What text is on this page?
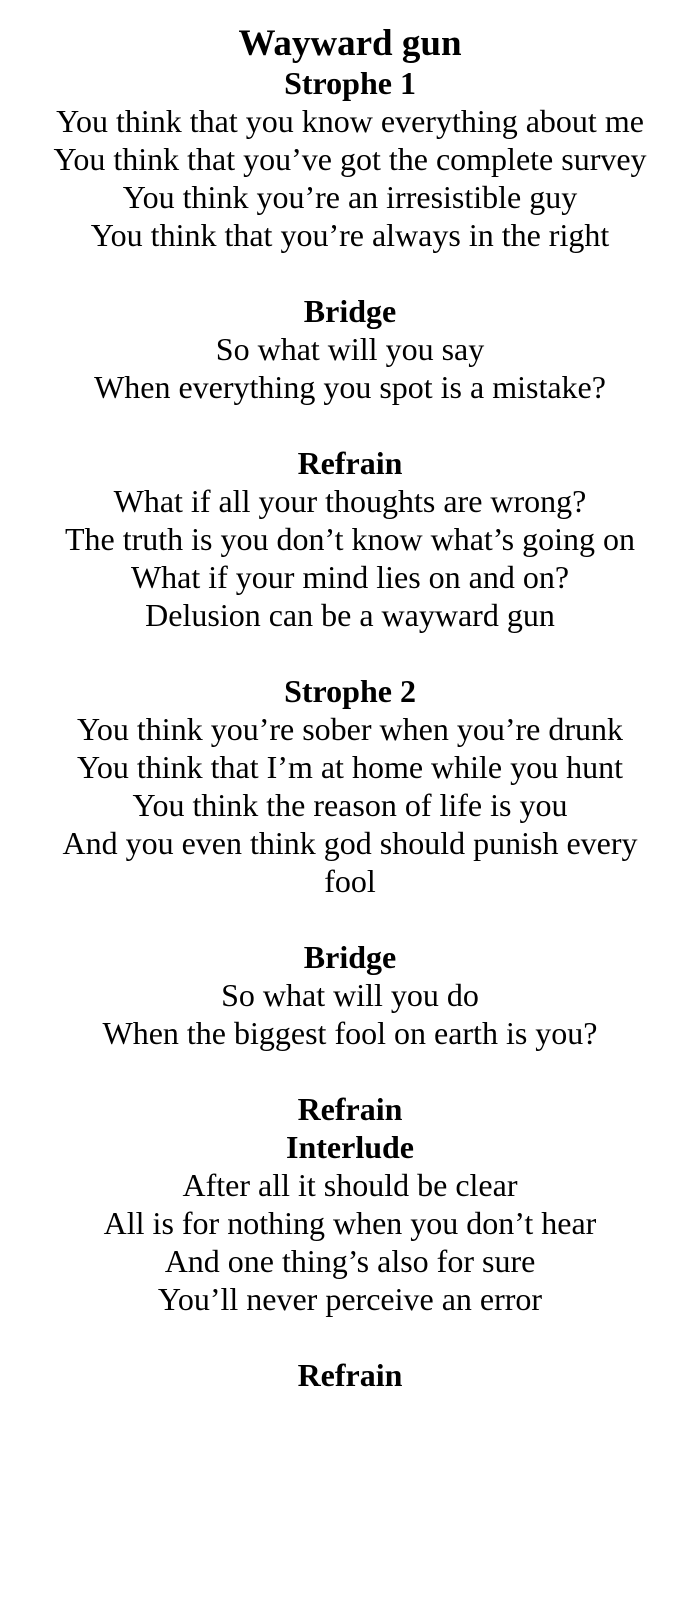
Wayward gun
Strophe 1
You think that you know everything about me
You think that you’ve got the complete survey
You think you’re an irresistible guy
You think that you’re always in the right
Bridge
So what will you say
When everything you spot is a mistake?
Refrain
What if all your thoughts are wrong?
The truth is you don’t know what’s going on
What if your mind lies on and on?
Delusion can be a wayward gun
Strophe 2
You think you’re sober when you’re drunk
You think that I’m at home while you hunt
You think the reason of life is you
And you even think god should punish every fool
Bridge
So what will you do
When the biggest fool on earth is you?
Refrain
Interlude
After all it should be clear
All is for nothing when you don’t hear
And one thing’s also for sure
You’ll never perceive an error
Refrain
